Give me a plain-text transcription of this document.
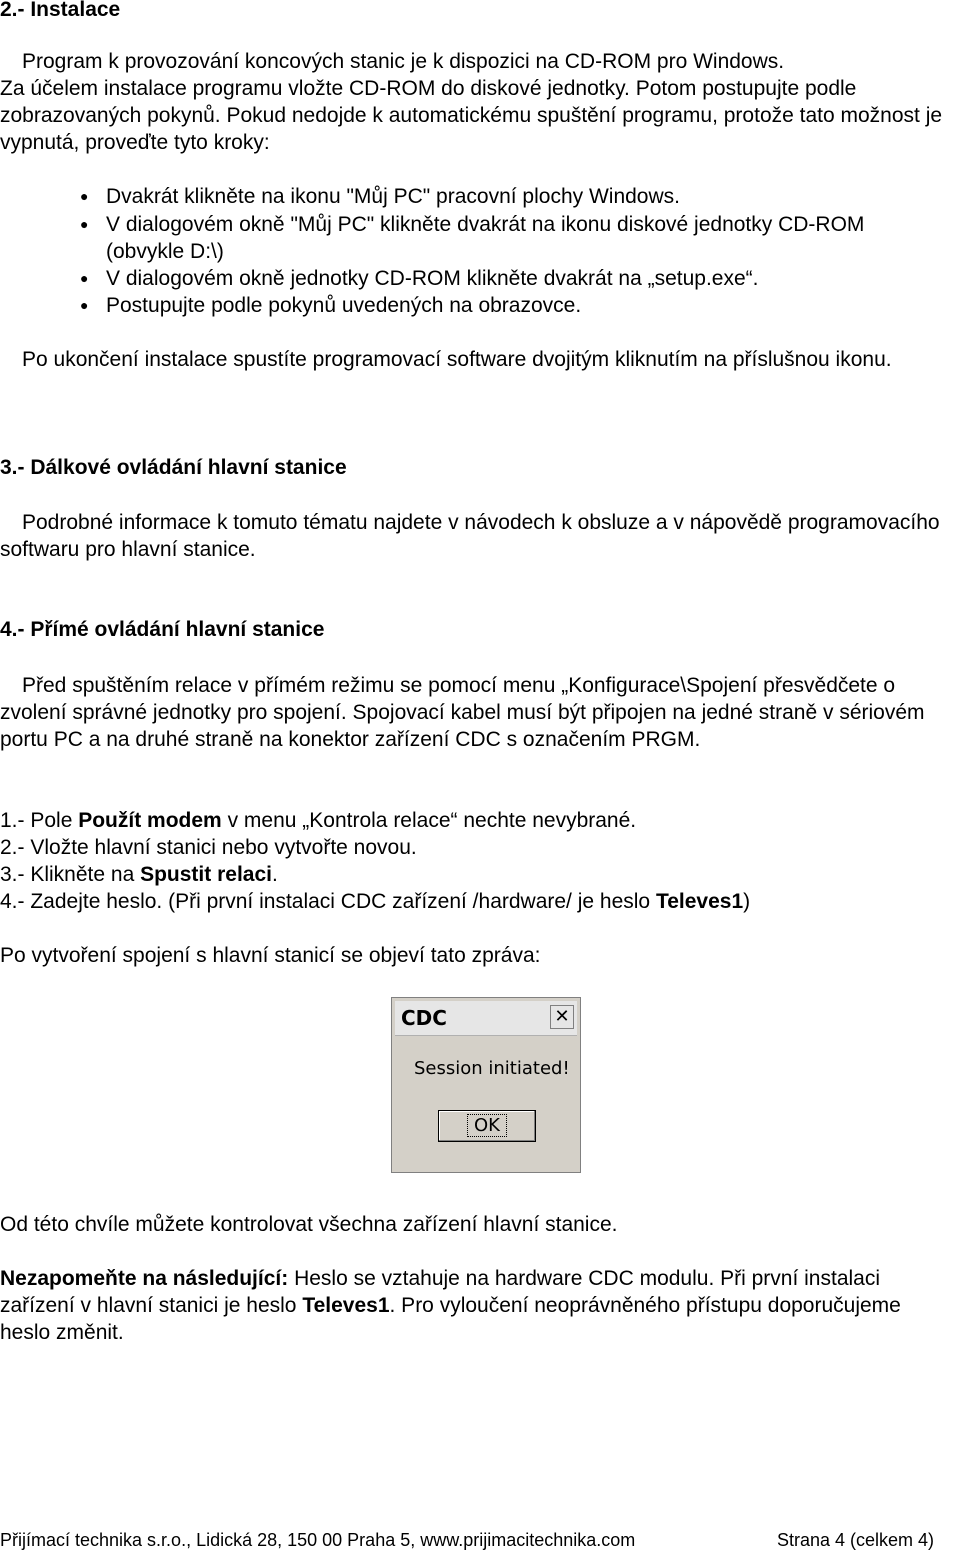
2.- Instalace
Program k provozování koncových stanic je k dispozici na CD-ROM pro Windows.
Za účelem instalace programu vložte CD-ROM do diskové jednotky. Potom postupujte podle zobrazovaných pokynů. Pokud nedojde k automatickému spuštění programu, protože tato možnost je vypnutá, proveďte tyto kroky:
● Dvakrát klikněte na ikonu "Můj PC" pracovní plochy Windows.
● V dialogovém okně "Můj PC" klikněte dvakrát na ikonu diskové jednotky CD-ROM (obvykle D:\)
● V dialogovém okně jednotky CD-ROM klikněte dvakrát na „setup.exe“.
● Postupujte podle pokynů uvedených na obrazovce.
Po ukončení instalace spustíte programovací software dvojitým kliknutím na příslušnou ikonu.
3.- Dálkové ovládání hlavní stanice
Podrobné informace k tomuto tématu najdete v návodech k obsluze a v nápovědě programovacího softwaru pro hlavní stanice.
4.- Přímé ovládání hlavní stanice
Před spuštěním relace v přímém režimu se pomocí menu „Konfigurace\Spojení přesvědčete o zvolení správné jednotky pro spojení. Spojovací kabel musí být připojen na jedné straně v sériovém portu PC a na druhé straně na konektor zařízení CDC s označením PRGM.
1.- Pole Použít modem v menu „Kontrola relace“ nechte nevybrané.
2.- Vložte hlavní stanici nebo vytvořte novou.
3.- Klikněte na Spustit relaci.
4.- Zadejte heslo. (Při první instalaci CDC zařízení /hardware/ je heslo Televes1)
Po vytvoření spojení s hlavní stanicí se objeví tato zpráva:
CDC	✕
Session initiated!
OK
Od této chvíle můžete kontrolovat všechna zařízení hlavní stanice.
Nezapomeňte na následující: Heslo se vztahuje na hardware CDC modulu. Při první instalaci zařízení v hlavní stanici je heslo Televes1. Pro vyloučení neoprávněného přístupu doporučujeme heslo změnit.
Přijímací technika s.r.o., Lidická 28, 150 00 Praha 5, www.prijimacitechnika.com	Strana 4 (celkem 4)
